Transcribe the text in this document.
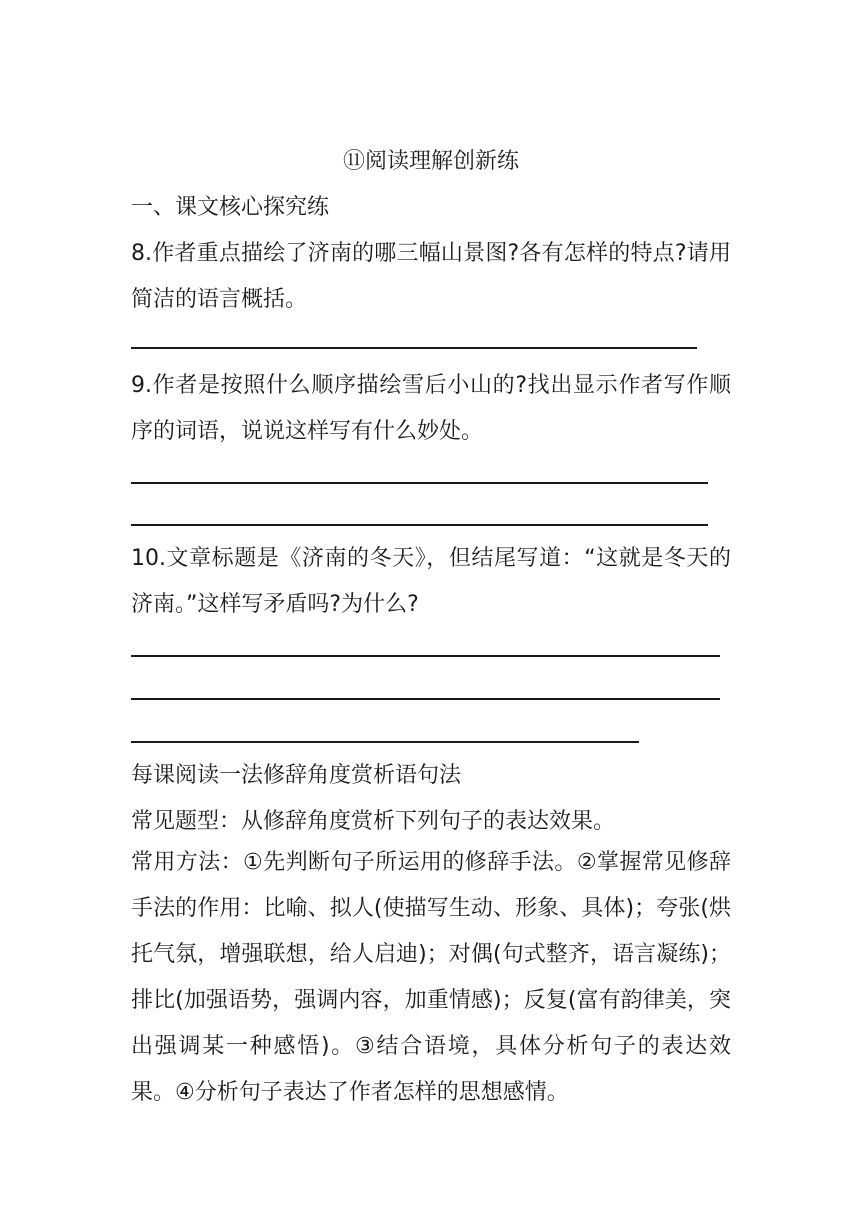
⑪阅读理解创新练
一、课文核心探究练
8.作者重点描绘了济南的哪三幅山景图?各有怎样的特点?请用简洁的语言概括。
9.作者是按照什么顺序描绘雪后小山的?找出显示作者写作顺序的词语，说说这样写有什么妙处。
10.文章标题是《济南的冬天》，但结尾写道：“这就是冬天的济南。”这样写矛盾吗?为什么?
每课阅读一法修辞角度赏析语句法
常见题型：从修辞角度赏析下列句子的表达效果。
常用方法：①先判断句子所运用的修辞手法。②掌握常见修辞手法的作用：比喻、拟人(使描写生动、形象、具体)；夸张(烘托气氛，增强联想，给人启迪)；对偶(句式整齐，语言凝练)；排比(加强语势，强调内容，加重情感)；反复(富有韵律美，突出强调某一种感悟)。③结合语境，具体分析句子的表达效果。④分析句子表达了作者怎样的思想感情。
